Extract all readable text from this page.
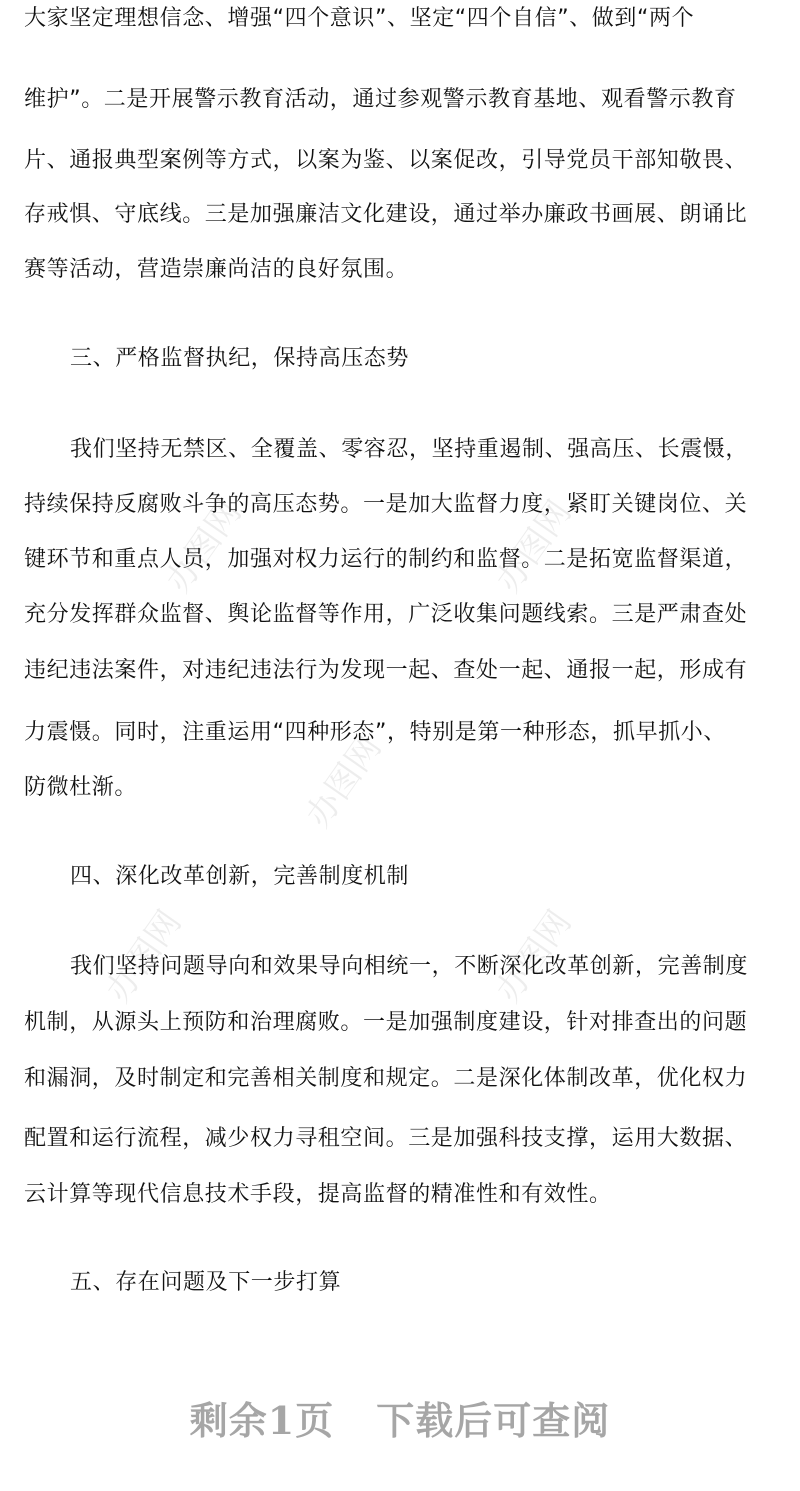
大家坚定理想信念、增强“四个意识”、坚定“四个自信”、做到“两个
维护”。二是开展警示教育活动，通过参观警示教育基地、观看警示教育
片、通报典型案例等方式，以案为鉴、以案促改，引导党员干部知敬畏、
存戒惧、守底线。三是加强廉洁文化建设，通过举办廉政书画展、朗诵比
赛等活动，营造崇廉尚洁的良好氛围。
三、严格监督执纪，保持高压态势
我们坚持无禁区、全覆盖、零容忍，坚持重遏制、强高压、长震慑，
持续保持反腐败斗争的高压态势。一是加大监督力度，紧盯关键岗位、关
键环节和重点人员，加强对权力运行的制约和监督。二是拓宽监督渠道，
充分发挥群众监督、舆论监督等作用，广泛收集问题线索。三是严肃查处
违纪违法案件，对违纪违法行为发现一起、查处一起、通报一起，形成有
力震慑。同时，注重运用“四种形态”，特别是第一种形态，抓早抓小、
防微杜渐。
四、深化改革创新，完善制度机制
我们坚持问题导向和效果导向相统一，不断深化改革创新，完善制度
机制，从源头上预防和治理腐败。一是加强制度建设，针对排查出的问题
和漏洞，及时制定和完善相关制度和规定。二是深化体制改革，优化权力
配置和运行流程，减少权力寻租空间。三是加强科技支撑，运用大数据、
云计算等现代信息技术手段，提高监督的精准性和有效性。
五、存在问题及下一步打算
办图网	办图网
办图网
办图网	办图网
剩余1页 下载后可查阅
